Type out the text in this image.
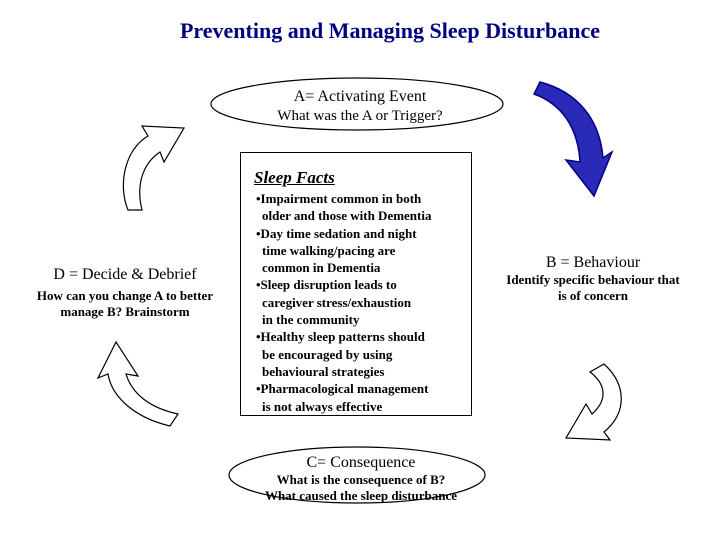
Preventing and Managing Sleep Disturbance
A= Activating Event
What was the A or Trigger?
B = Behaviour
Identify specific behaviour that
is of concern
C= Consequence
What is the consequence of B?
What caused the sleep disturbance
D = Decide & Debrief
How can you change A to better
manage B? Brainstorm
Sleep Facts
•Impairment common in both
older and those with Dementia
•Day time sedation and night
time walking/pacing are
common in Dementia
•Sleep disruption leads to
caregiver stress/exhaustion
in the community
•Healthy sleep patterns should
be encouraged by using
behavioural strategies
•Pharmacological management
is not always effective
